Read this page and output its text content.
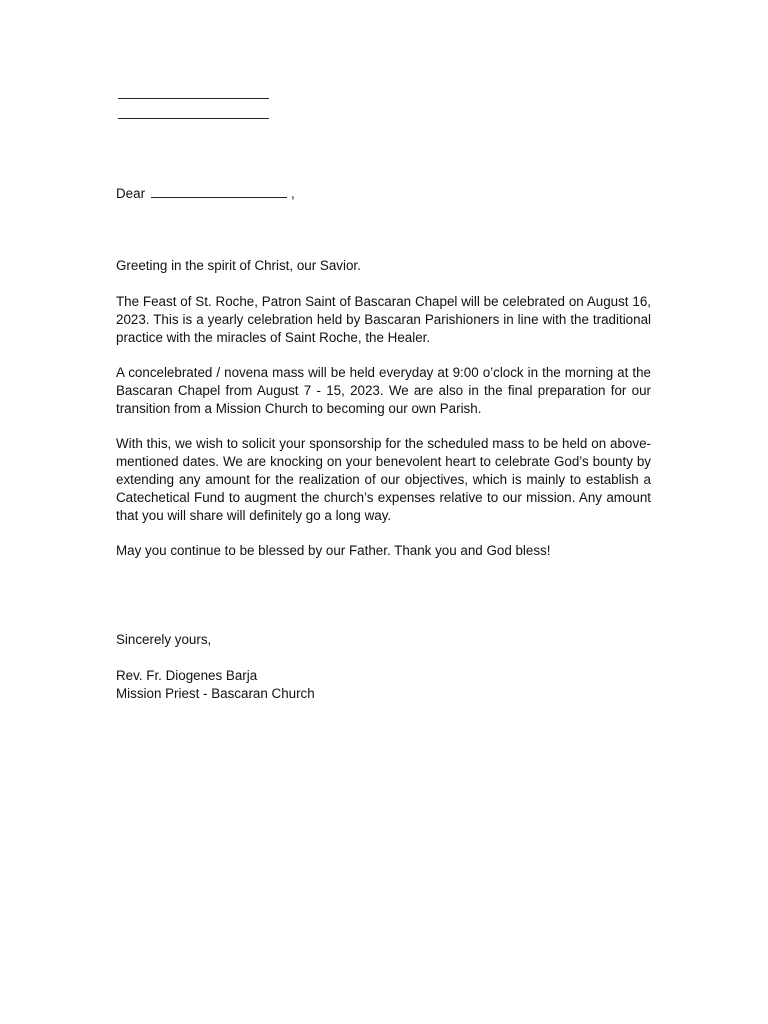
Dear	,

Greeting in the spirit of Christ, our Savior.

The Feast of St. Roche, Patron Saint of Bascaran Chapel will be celebrated on August 16, 2023. This is a yearly celebration held by Bascaran Parishioners in line with the traditional practice with the miracles of Saint Roche, the Healer.

A concelebrated / novena mass will be held everyday at 9:00 o’clock in the morning at the Bascaran Chapel from August 7 - 15, 2023. We are also in the final preparation for our transition from a Mission Church to becoming our own Parish.

With this, we wish to solicit your sponsorship for the scheduled mass to be held on above-mentioned dates. We are knocking on your benevolent heart to celebrate God’s bounty by extending any amount for the realization of our objectives, which is mainly to establish a Catechetical Fund to augment the church’s expenses relative to our mission. Any amount that you will share will definitely go a long way.

May you continue to be blessed by our Father. Thank you and God bless!

Sincerely yours,

Rev. Fr. Diogenes Barja

Mission Priest - Bascaran Church
